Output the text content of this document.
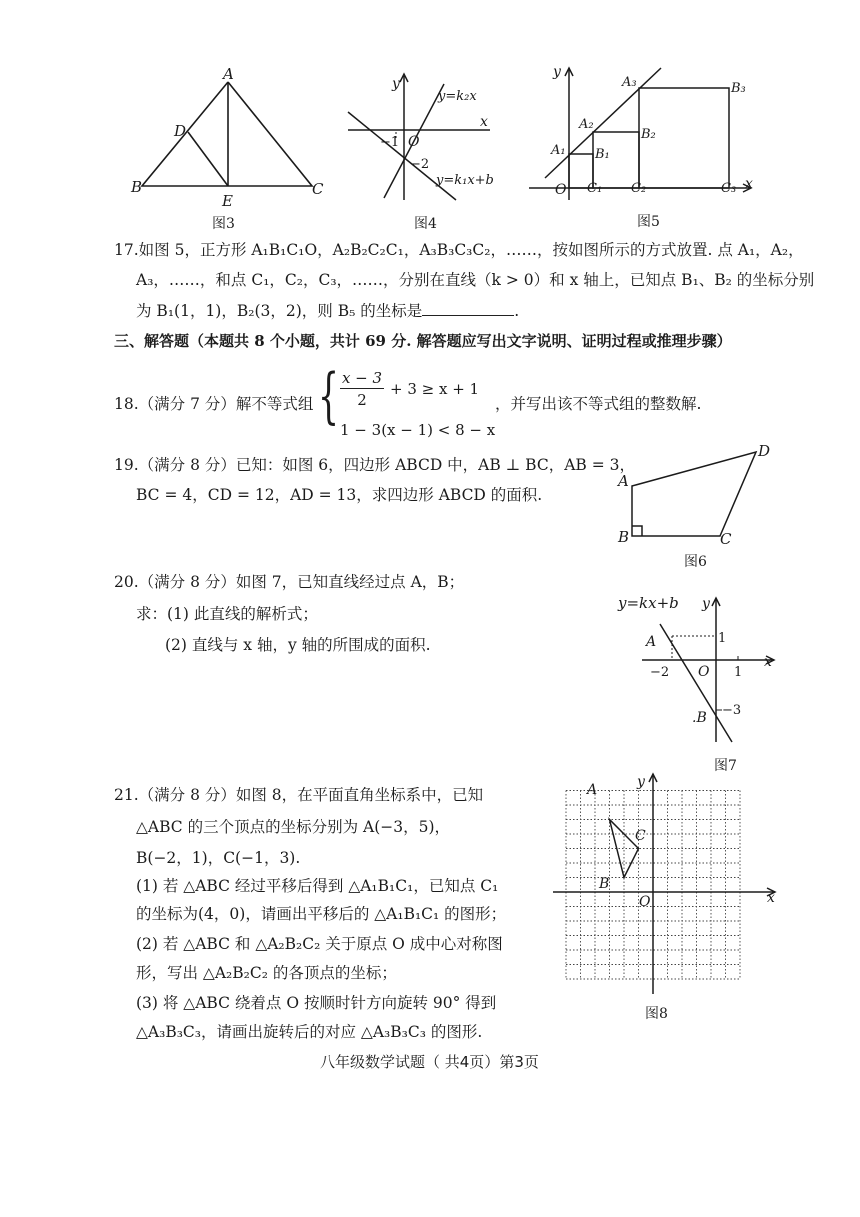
A
D
B	C
E
图3
y
x
y=k₂x
O
−1
−2
y=k₁x+b
图4
y
x
O
A₁
A₂
A₃
B₁
B₂
B₃
C₁ C₂	C₃
图5
17.如图 5，正方形 A₁B₁C₁O，A₂B₂C₂C₁，A₃B₃C₃C₂，……，按如图所示的方式放置. 点 A₁，A₂，
A₃，……，和点 C₁，C₂，C₃，……，分别在直线（k > 0）和 x 轴上，已知点 B₁、B₂ 的坐标分别
为 B₁(1，1)，B₂(3，2)，则 B₅ 的坐标是	.
三、解答题（本题共 8 个小题，共计 69 分. 解答题应写出文字说明、证明过程或推理步骤）
18.（满分 7 分）解不等式组 { x − 3
2
+ 3 ≥ x + 1
1 − 3(x − 1) < 8 − x
，并写出该不等式组的整数解.
19.（满分 8 分）已知：如图 6，四边形 ABCD 中，AB ⊥ BC，AB = 3，
BC = 4，CD = 12，AD = 13，求四边形 ABCD 的面积.
A
B	C
D
图6
20.（满分 8 分）如图 7，已知直线经过点 A，B；
求：(1) 此直线的解析式；
(2) 直线与 x 轴，y 轴的所围成的面积.
y=kx+b y
x
A	1
−2 O 1
.B −3
图7
21.（满分 8 分）如图 8，在平面直角坐标系中，已知
△ABC 的三个顶点的坐标分别为 A(−3，5)，
B(−2，1)，C(−1，3).
(1) 若 △ABC 经过平移后得到 △A₁B₁C₁，已知点 C₁
的坐标为(4，0)，请画出平移后的 △A₁B₁C₁ 的图形；
(2) 若 △ABC 和 △A₂B₂C₂ 关于原点 O 成中心对称图
形，写出 △A₂B₂C₂ 的各顶点的坐标；
(3) 将 △ABC 绕着点 O 按顺时针方向旋转 90° 得到
△A₃B₃C₃，请画出旋转后的对应 △A₃B₃C₃ 的图形.
y
x
O
A
B
C
图8
八年级数学试题（ 共4页）第3页
